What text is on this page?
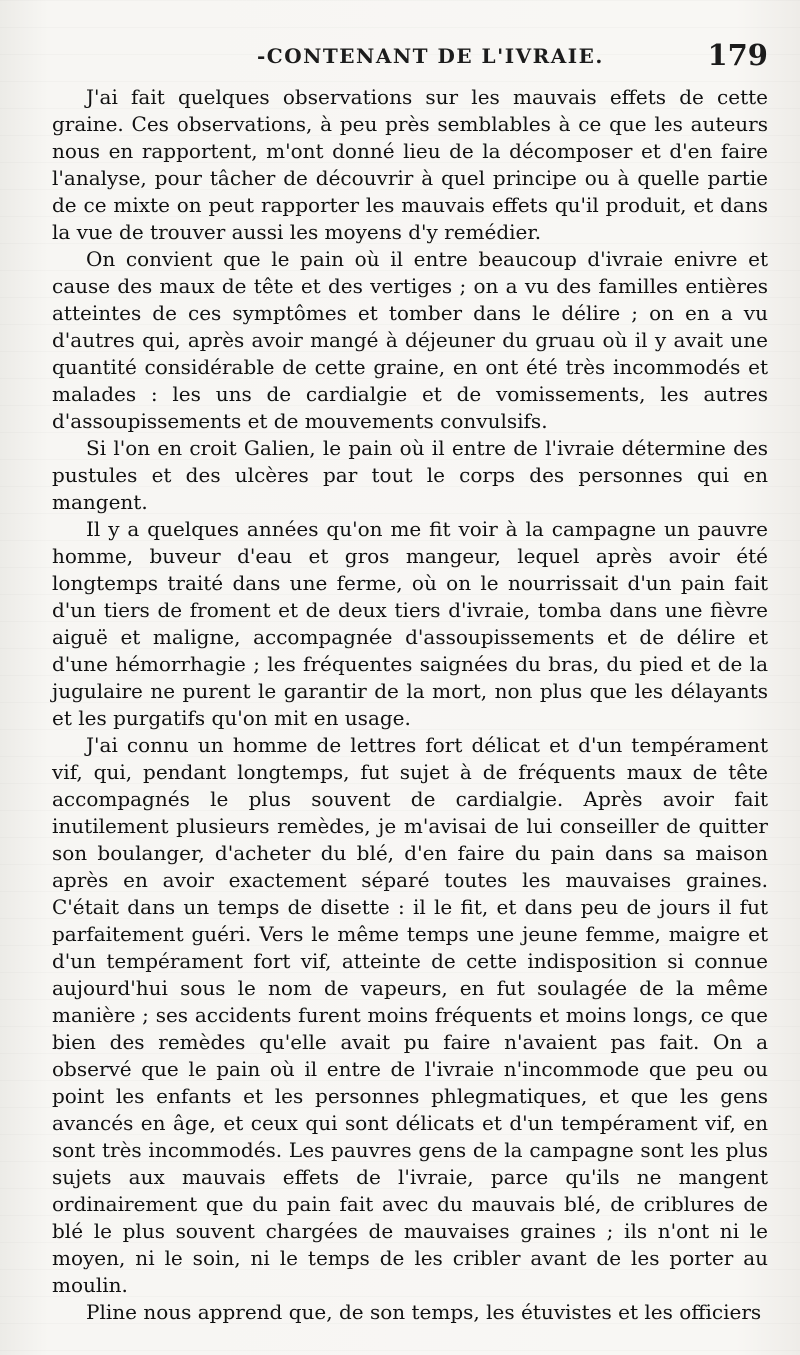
-CONTENANT DE L'IVRAIE.	179

J'ai fait quelques observations sur les mauvais effets de cette graine. Ces observations, à peu près semblables à ce que les auteurs nous en rapportent, m'ont donné lieu de la décomposer et d'en faire l'analyse, pour tâcher de découvrir à quel principe ou à quelle partie de ce mixte on peut rapporter les mauvais effets qu'il produit, et dans la vue de trouver aussi les moyens d'y remédier.

On convient que le pain où il entre beaucoup d'ivraie enivre et cause des maux de tête et des vertiges ; on a vu des familles entières atteintes de ces symptômes et tomber dans le délire ; on en a vu d'autres qui, après avoir mangé à déjeuner du gruau où il y avait une quantité considérable de cette graine, en ont été très incommodés et malades : les uns de cardialgie et de vomissements, les autres d'assoupissements et de mouvements convulsifs.

Si l'on en croit Galien, le pain où il entre de l'ivraie détermine des pustules et des ulcères par tout le corps des personnes qui en mangent.

Il y a quelques années qu'on me fit voir à la campagne un pauvre homme, buveur d'eau et gros mangeur, lequel après avoir été longtemps traité dans une ferme, où on le nourrissait d'un pain fait d'un tiers de froment et de deux tiers d'ivraie, tomba dans une fièvre aiguë et maligne, accompagnée d'assoupissements et de délire et d'une hémorrhagie ; les fréquentes saignées du bras, du pied et de la jugulaire ne purent le garantir de la mort, non plus que les délayants et les purgatifs qu'on mit en usage.

J'ai connu un homme de lettres fort délicat et d'un tempérament vif, qui, pendant longtemps, fut sujet à de fréquents maux de tête accompagnés le plus souvent de cardialgie. Après avoir fait inutilement plusieurs remèdes, je m'avisai de lui conseiller de quitter son boulanger, d'acheter du blé, d'en faire du pain dans sa maison après en avoir exactement séparé toutes les mauvaises graines. C'était dans un temps de disette : il le fit, et dans peu de jours il fut parfaitement guéri. Vers le même temps une jeune femme, maigre et d'un tempérament fort vif, atteinte de cette indisposition si connue aujourd'hui sous le nom de vapeurs, en fut soulagée de la même manière ; ses accidents furent moins fréquents et moins longs, ce que bien des remèdes qu'elle avait pu faire n'avaient pas fait. On a observé que le pain où il entre de l'ivraie n'incommode que peu ou point les enfants et les personnes phlegmatiques, et que les gens avancés en âge, et ceux qui sont délicats et d'un tempérament vif, en sont très incommodés. Les pauvres gens de la campagne sont les plus sujets aux mauvais effets de l'ivraie, parce qu'ils ne mangent ordinairement que du pain fait avec du mauvais blé, de criblures de blé le plus souvent chargées de mauvaises graines ; ils n'ont ni le moyen, ni le soin, ni le temps de les cribler avant de les porter au moulin.

Pline nous apprend que, de son temps, les étuvistes et les officiers
